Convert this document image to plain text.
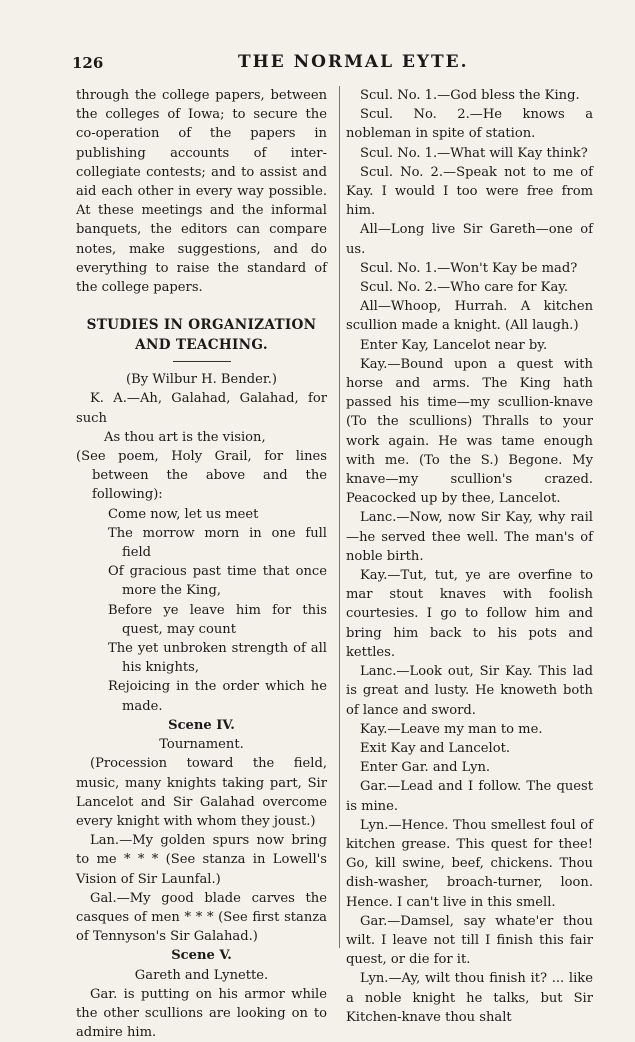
126	THE NORMAL EYTE.

through the college papers, between the colleges of Iowa; to secure the co-operation of the papers in publishing accounts of inter-collegiate contests; and to assist and aid each other in every way possible. At these meetings and the informal banquets, the editors can compare notes, make suggestions, and do everything to raise the standard of the college papers.

STUDIES IN ORGANIZATION
AND TEACHING.

(By Wilbur H. Bender.)

K. A.—Ah, Galahad, Galahad, for such

As thou art is the vision,

(See poem, Holy Grail, for lines between the above and the following):

Come now, let us meet

The morrow morn in one full field

Of gracious past time that once more the King,

Before ye leave him for this quest, may count

The yet unbroken strength of all his knights,

Rejoicing in the order which he made.

Scene IV.

Tournament.

(Procession toward the field, music, many knights taking part, Sir Lancelot and Sir Galahad overcome every knight with whom they joust.)

Lan.—My golden spurs now bring to me * * * (See stanza in Lowell's Vision of Sir Launfal.)

Gal.—My good blade carves the casques of men * * * (See first stanza of Tennyson's Sir Galahad.)

Scene V.

Gareth and Lynette.

Gar. is putting on his armor while the other scullions are looking on to admire him.

Scul. No. 1.—God bless the King.

Scul. No. 2.—He knows a nobleman in spite of station.

Scul. No. 1.—What will Kay think?

Scul. No. 2.—Speak not to me of Kay. I would I too were free from him.

All—Long live Sir Gareth—one of us.

Scul. No. 1.—Won't Kay be mad?

Scul. No. 2.—Who care for Kay.

All—Whoop, Hurrah. A kitchen scullion made a knight. (All laugh.)

Enter Kay, Lancelot near by.

Kay.—Bound upon a quest with horse and arms. The King hath passed his time—my scullion-knave (To the scullions) Thralls to your work again. He was tame enough with me. (To the S.) Begone. My knave—my scullion's crazed. Peacocked up by thee, Lancelot.

Lanc.—Now, now Sir Kay, why rail—he served thee well. The man's of noble birth.

Kay.—Tut, tut, ye are overfine to mar stout knaves with foolish courtesies. I go to follow him and bring him back to his pots and kettles.

Lanc.—Look out, Sir Kay. This lad is great and lusty. He knoweth both of lance and sword.

Kay.—Leave my man to me.

Exit Kay and Lancelot.

Enter Gar. and Lyn.

Gar.—Lead and I follow. The quest is mine.

Lyn.—Hence. Thou smellest foul of kitchen grease. This quest for thee! Go, kill swine, beef, chickens. Thou dish-washer, broach-turner, loon. Hence. I can't live in this smell.

Gar.—Damsel, say whate'er thou wilt. I leave not till I finish this fair quest, or die for it.

Lyn.—Ay, wilt thou finish it? ... like a noble knight he talks, but Sir Kitchen-knave thou shalt
